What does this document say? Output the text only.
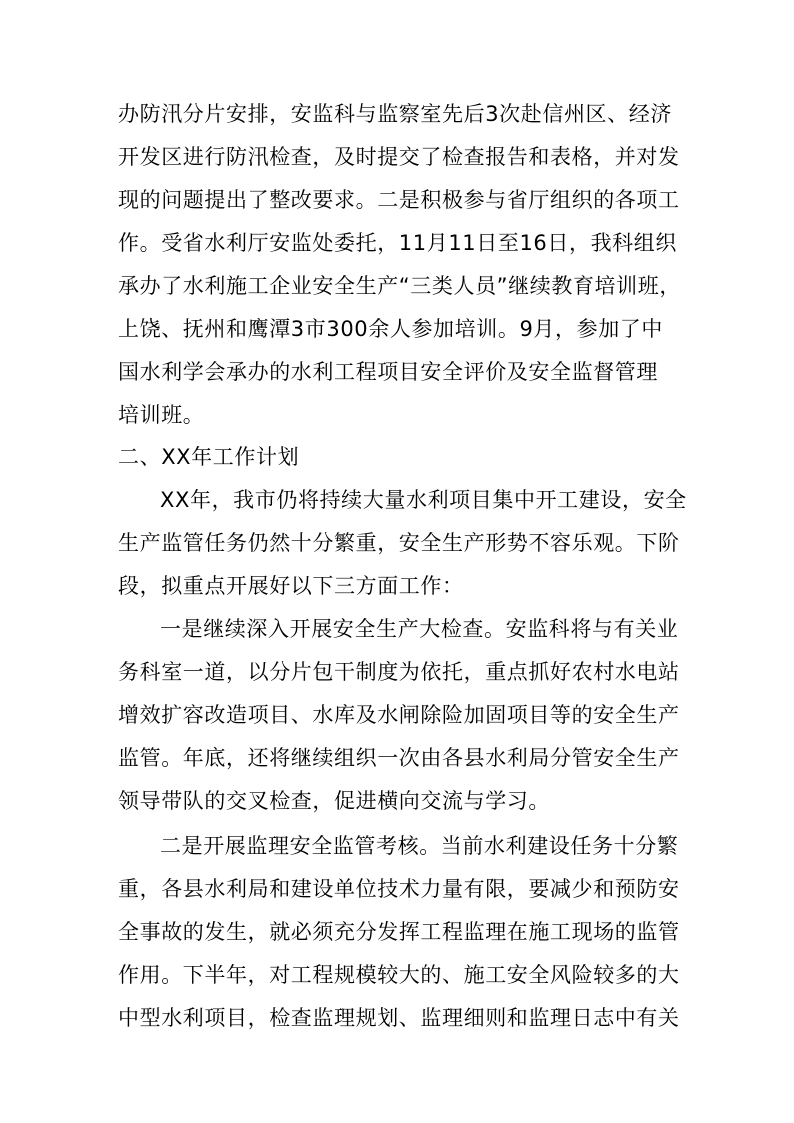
办防汛分片安排，安监科与监察室先后3次赴信州区、经济
开发区进行防汛检查，及时提交了检查报告和表格，并对发
现的问题提出了整改要求。二是积极参与省厅组织的各项工
作。受省水利厅安监处委托，11月11日至16日，我科组织
承办了水利施工企业安全生产“三类人员”继续教育培训班，
上饶、抚州和鹰潭3市300余人参加培训。9月，参加了中
国水利学会承办的水利工程项目安全评价及安全监督管理
培训班。
二、XX年工作计划
XX年，我市仍将持续大量水利项目集中开工建设，安全
生产监管任务仍然十分繁重，安全生产形势不容乐观。下阶
段，拟重点开展好以下三方面工作：
一是继续深入开展安全生产大检查。安监科将与有关业
务科室一道，以分片包干制度为依托，重点抓好农村水电站
增效扩容改造项目、水库及水闸除险加固项目等的安全生产
监管。年底，还将继续组织一次由各县水利局分管安全生产
领导带队的交叉检查，促进横向交流与学习。
二是开展监理安全监管考核。当前水利建设任务十分繁
重，各县水利局和建设单位技术力量有限，要减少和预防安
全事故的发生，就必须充分发挥工程监理在施工现场的监管
作用。下半年，对工程规模较大的、施工安全风险较多的大
中型水利项目，检查监理规划、监理细则和监理日志中有关
